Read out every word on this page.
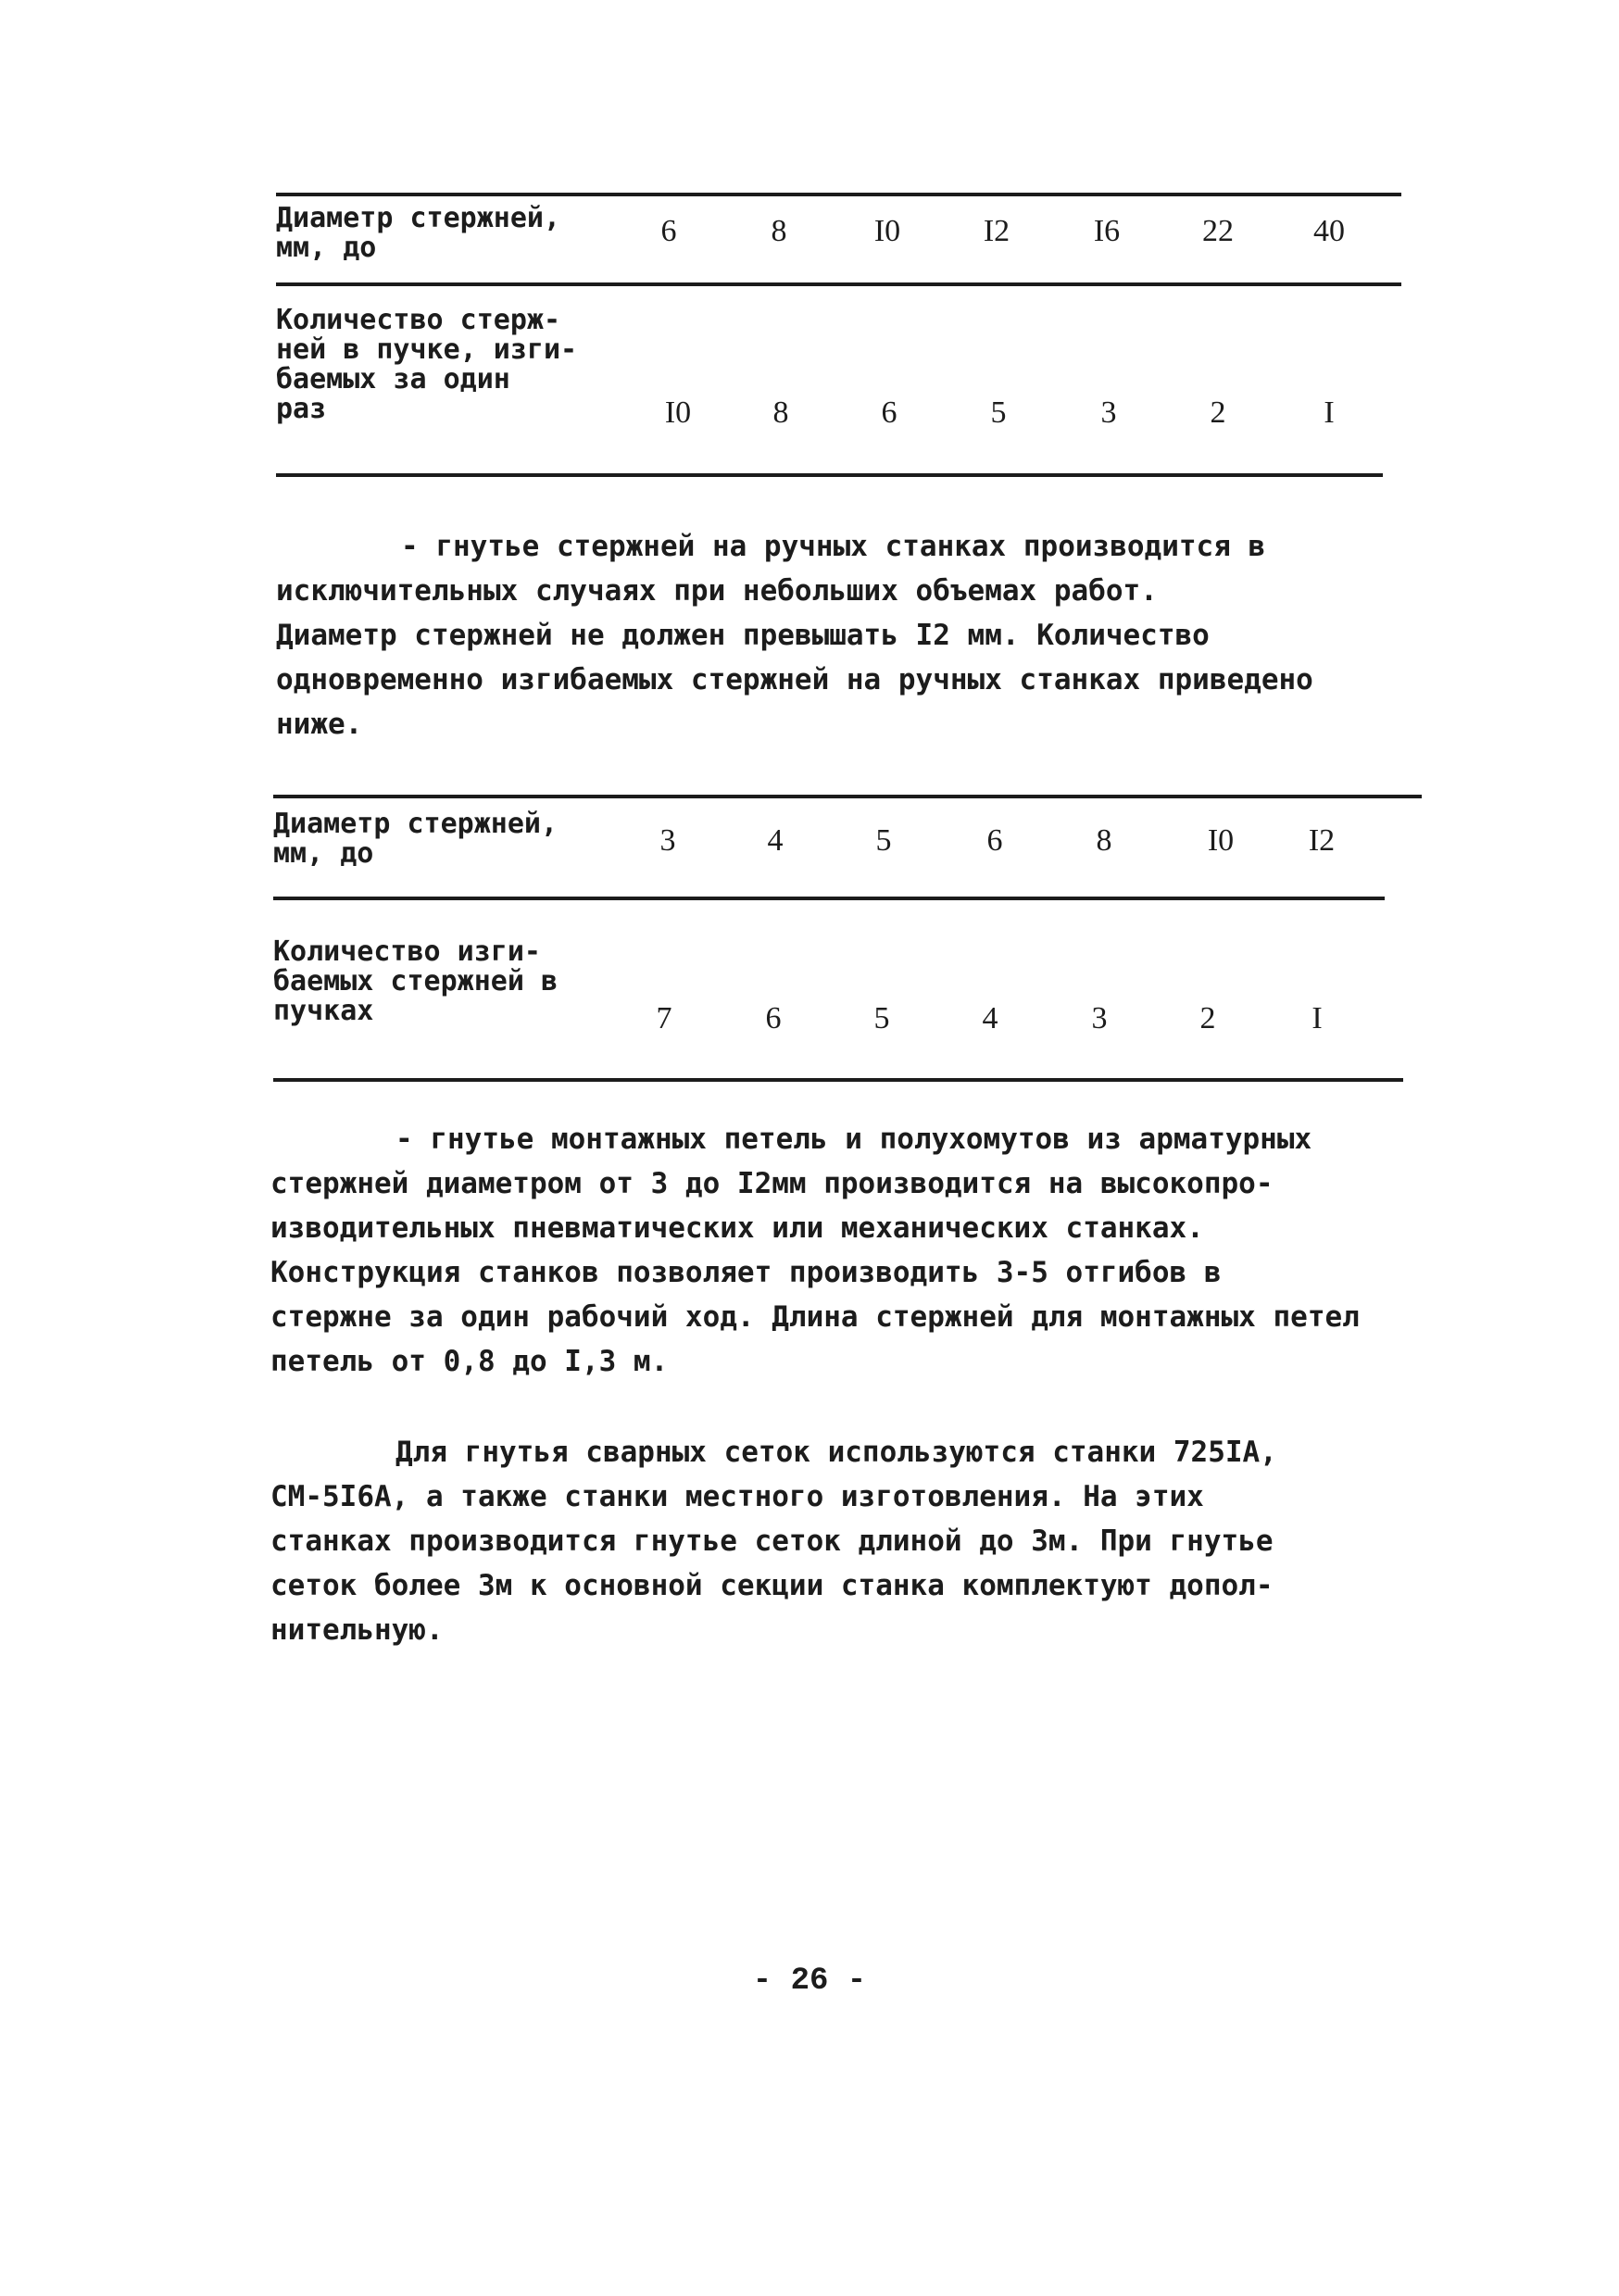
Диаметр стержней,
мм, до	6	8	I0	I2	I6	22	40
Количество стерж-
ней в пучке, изги-
баемых за один
раз	I0	8	6	5	3	2	I
- гнутье стержней на ручных станках производится в
исключительных случаях при небольших объемах работ.
Диаметр стержней не должен превышать I2 мм. Количество
одновременно изгибаемых стержней на ручных станках приведено
ниже.
Диаметр стержней,
мм, до	3	4	5	6	8	I0	I2
Количество изги-
баемых стержней в
пучках	7	6	5	4	3	2	I
- гнутье монтажных петель и полухомутов из арматурных
стержней диаметром от 3 до I2мм производится на высокопро-
изводительных пневматических или механических станках.
Конструкция станков позволяет производить 3-5 отгибов в
стержне за один рабочий ход. Длина стержней для монтажных петел
петель от 0,8 до I,3 м.
Для гнутья сварных сеток используются станки 725IА,
СМ-5I6А, а также станки местного изготовления. На этих
станках производится гнутье сеток длиной до 3м. При гнутье
сеток более 3м к основной секции станка комплектуют допол-
нительную.
- 26 -
